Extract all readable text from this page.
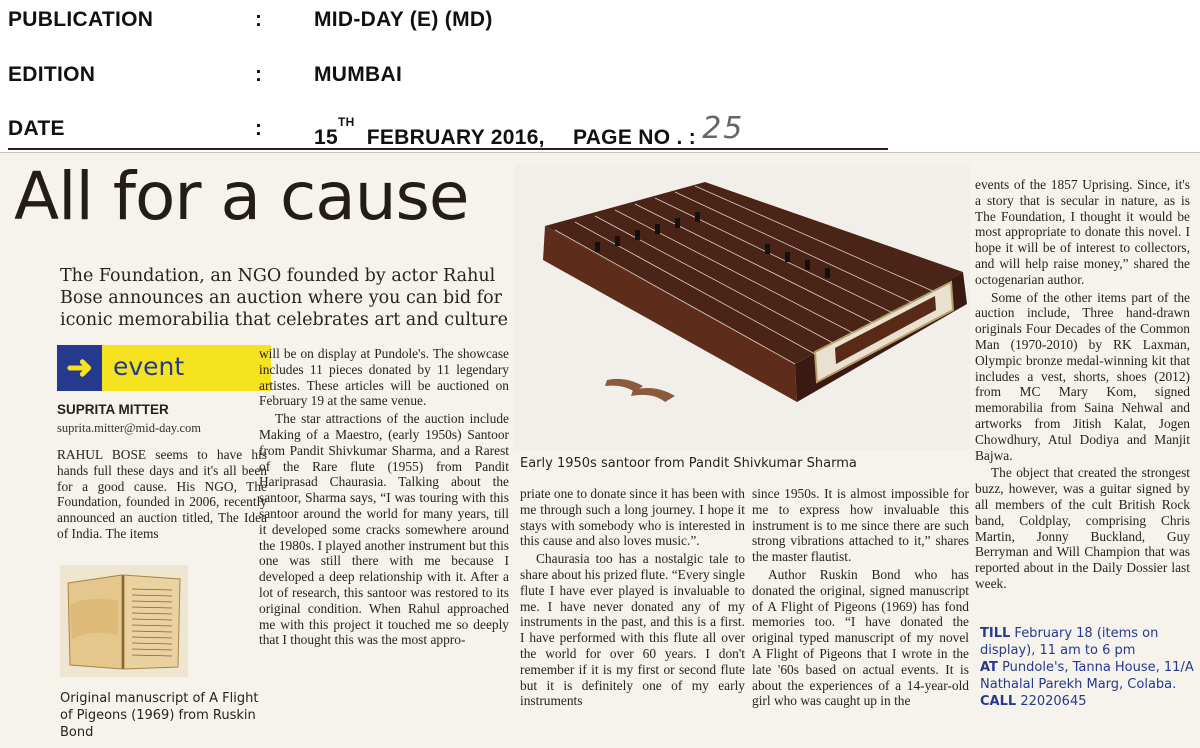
PUBLICATION	: MID-DAY (E) (MD)
EDITION	: MUMBAI
DATE	: 15TH FEBRUARY 2016, PAGE NO . : 25
All for a cause
The Foundation, an NGO founded by actor Rahul
Bose announces an auction where you can bid for
iconic memorabilia that celebrates art and culture
➜ event
SUPRITA MITTER
suprita.mitter@mid-day.com

RAHUL BOSE seems to have his hands full these days and it's all been for a good cause. His NGO, The Foundation, founded in 2006, recently announced an auction titled, The Idea of India. The items

Original manuscript of A Flight of Pigeons (1969) from Ruskin Bond

will be on display at Pundole's. The showcase includes 11 pieces donated by 11 legendary artistes. These articles will be auctioned on February 19 at the same venue.

The star attractions of the auction include Making of a Maestro, (early 1950s) Santoor from Pandit Shivkumar Sharma, and a Rarest of the Rare flute (1955) from Pandit Hariprasad Chaurasia. Talking about the santoor, Sharma says, “I was touring with this santoor around the world for many years, till it developed some cracks somewhere around the 1980s. I played another instrument but this one was still there with me because I developed a deep relationship with it. After a lot of research, this santoor was restored to its original condition. When Rahul approached me with this project it touched me so deeply that I thought this was the most appro-

Early 1950s santoor from Pandit Shivkumar Sharma

priate one to donate since it has been with me through such a long journey. I hope it stays with somebody who is interested in this cause and also loves music.”.

Chaurasia too has a nostalgic tale to share about his prized flute. “Every single flute I have ever played is invaluable to me. I have never donated any of my instruments in the past, and this is a first. I have performed with this flute all over the world for over 60 years. I don't remember if it is my first or second flute but it is definitely one of my early instruments

since 1950s. It is almost impossible for me to express how invaluable this instrument is to me since there are such strong vibrations attached to it,” shares the master flautist.

Author Ruskin Bond who has donated the original, signed manuscript of A Flight of Pigeons (1969) has fond memories too. “I have donated the original typed manuscript of my novel A Flight of Pigeons that I wrote in the late '60s based on actual events. It is about the experiences of a 14-year-old girl who was caught up in the

events of the 1857 Uprising. Since, it's a story that is secular in nature, as is The Foundation, I thought it would be most appropriate to donate this novel. I hope it will be of interest to collectors, and will help raise money,” shared the octogenarian author.

Some of the other items part of the auction include, Three hand-drawn originals Four Decades of the Common Man (1970-2010) by RK Laxman, Olympic bronze medal-winning kit that includes a vest, shorts, shoes (2012) from MC Mary Kom, signed memorabilia from Saina Nehwal and artworks from Jitish Kalat, Jogen Chowdhury, Atul Dodiya and Manjit Bajwa.

The object that created the strongest buzz, however, was a guitar signed by all members of the cult British Rock band, Coldplay, comprising Chris Martin, Jonny Buckland, Guy Berryman and Will Champion that was reported about in the Daily Dossier last week.

TILL February 18 (items on
display), 11 am to 6 pm
AT Pundole's, Tanna House, 11/A
Nathalal Parekh Marg, Colaba.
CALL 22020645
